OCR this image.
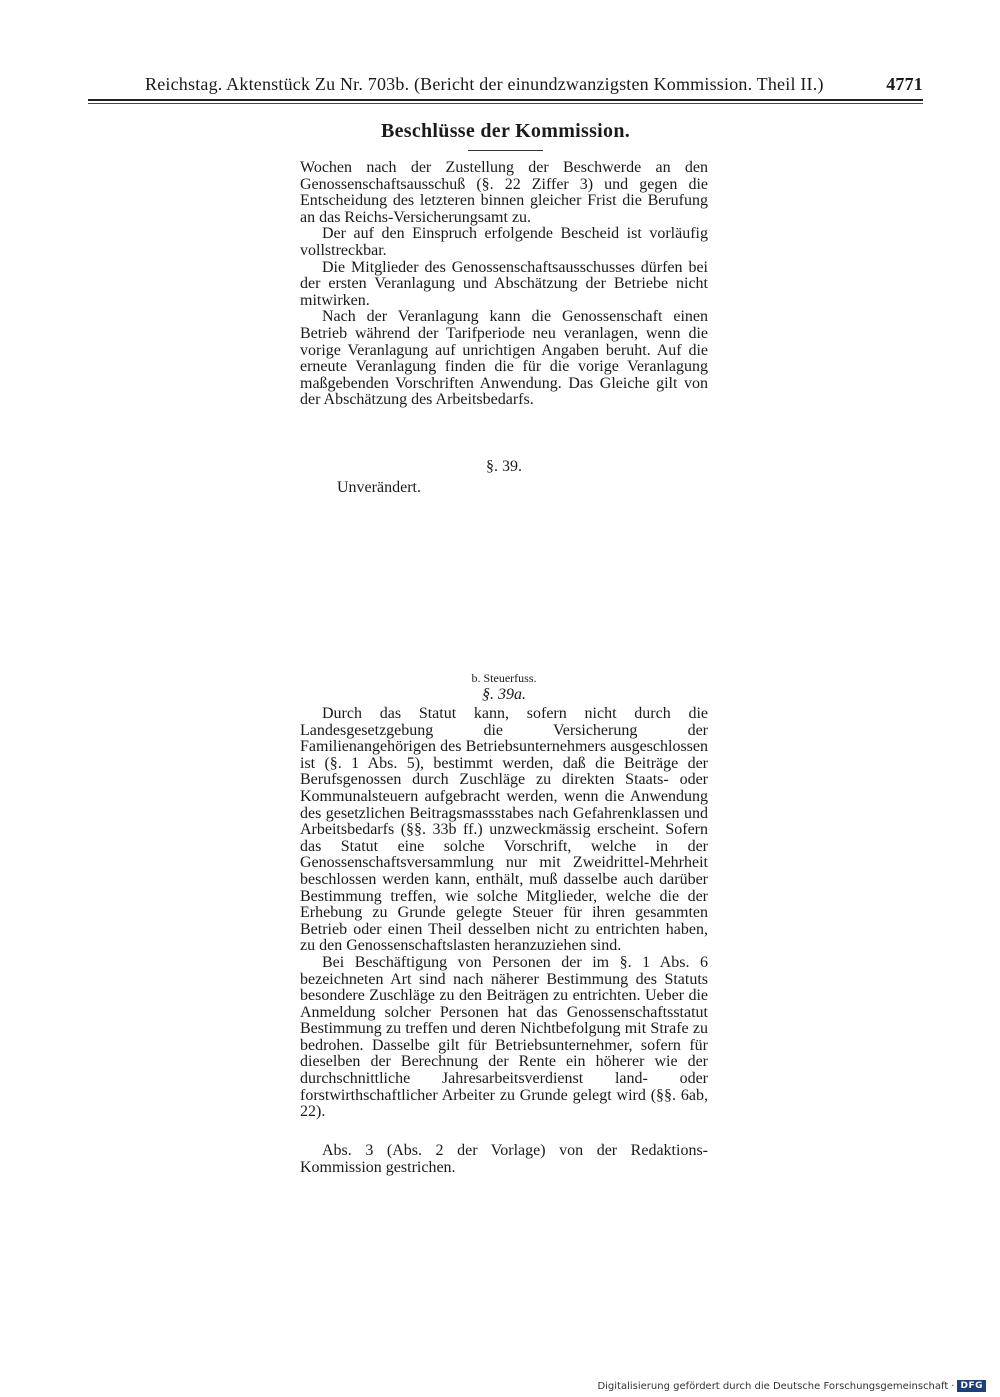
Reichstag. Aktenstück Zu Nr. 703b. (Bericht der einundzwanzigsten Kommission. Theil II.)	4771
Beschlüsse der Kommission.

Wochen nach der Zustellung der Beschwerde an den Genossenschaftsausschuß (§. 22 Ziffer 3) und gegen die Entscheidung des letzteren binnen gleicher Frist die Berufung an das Reichs-Versicherungsamt zu.

Der auf den Einspruch erfolgende Bescheid ist vorläufig vollstreckbar.

Die Mitglieder des Genossenschaftsausschusses dürfen bei der ersten Veranlagung und Abschätzung der Betriebe nicht mitwirken.

Nach der Veranlagung kann die Genossenschaft einen Betrieb während der Tarifperiode neu veranlagen, wenn die vorige Veranlagung auf unrichtigen Angaben beruht. Auf die erneute Veranlagung finden die für die vorige Veranlagung maßgebenden Vorschriften Anwendung. Das Gleiche gilt von der Abschätzung des Arbeitsbedarfs.

§. 39.
Unverändert.
b. Steuerfuss.
§. 39a.

Durch das Statut kann, sofern nicht durch die Landesgesetzgebung die Versicherung der Familienangehörigen des Betriebsunternehmers ausgeschlossen ist (§. 1 Abs. 5), bestimmt werden, daß die Beiträge der Berufsgenossen durch Zuschläge zu direkten Staats- oder Kommunalsteuern aufgebracht werden, wenn die Anwendung des gesetzlichen Beitragsmassstabes nach Gefahrenklassen und Arbeitsbedarfs (§§. 33b ff.) unzweckmässig erscheint. Sofern das Statut eine solche Vorschrift, welche in der Genossenschaftsversammlung nur mit Zweidrittel-Mehrheit beschlossen werden kann, enthält, muß dasselbe auch darüber Bestimmung treffen, wie solche Mitglieder, welche die der Erhebung zu Grunde gelegte Steuer für ihren gesammten Betrieb oder einen Theil desselben nicht zu entrichten haben, zu den Genossenschaftslasten heranzuziehen sind.

Bei Beschäftigung von Personen der im §. 1 Abs. 6 bezeichneten Art sind nach näherer Bestimmung des Statuts besondere Zuschläge zu den Beiträgen zu entrichten. Ueber die Anmeldung solcher Personen hat das Genossenschaftsstatut Bestimmung zu treffen und deren Nichtbefolgung mit Strafe zu bedrohen. Dasselbe gilt für Betriebsunternehmer, sofern für dieselben der Berechnung der Rente ein höherer wie der durchschnittliche Jahresarbeitsverdienst land- oder forstwirthschaftlicher Arbeiter zu Grunde gelegt wird (§§. 6ab, 22).

Abs. 3 (Abs. 2 der Vorlage) von der Redaktions-Kommission gestrichen.

Digitalisierung gefördert durch die Deutsche Forschungsgemeinschaft · DFG
